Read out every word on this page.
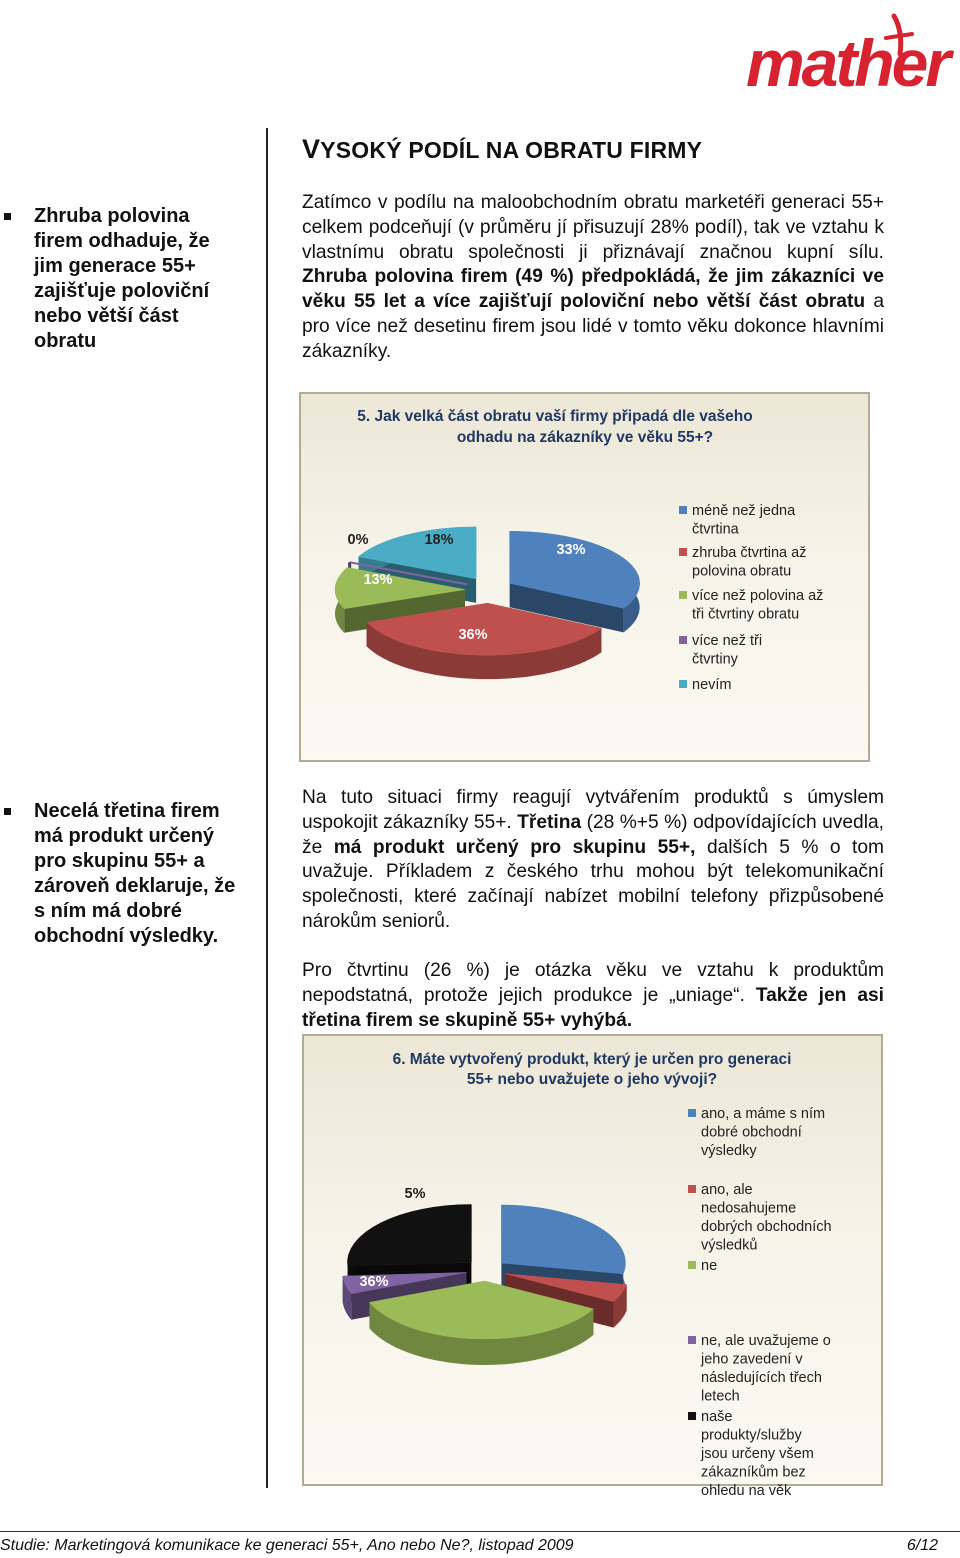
mather
VYSOKÝ PODÍL NA OBRATU FIRMY
Zhruba polovina firem odhaduje, že jim generace 55+ zajišťuje poloviční nebo větší část obratu
Necelá třetina firem má produkt určený pro skupinu 55+ a zároveň deklaruje, že s ním má dobré obchodní výsledky.
Zatímco v podílu na maloobchodním obratu marketéři generaci 55+ celkem podceňují (v průměru jí přisuzují 28% podíl), tak ve vztahu k vlastnímu obratu společnosti ji přiznávají značnou kupní sílu. Zhruba polovina firem (49 %) předpokládá, že jim zákazníci ve věku 55 let a více zajišťují poloviční nebo větší část obratu a pro více než desetinu firem jsou lidé v tomto věku dokonce hlavními zákazníky.
5. Jak velká část obratu vaší firmy připadá dle vašeho
odhadu na zákazníky ve věku 55+?
18%
33%
13%
36%
0%
méně než jedna čtvrtina
zhruba čtvrtina až polovina obratu
více než polovina až tři čtvrtiny obratu
více než tři čtvrtiny
nevím
Na tuto situaci firmy reagují vytvářením produktů s úmyslem uspokojit zákazníky 55+. Třetina (28 %+5 %) odpovídajících uvedla, že má produkt určený pro skupinu 55+, dalších 5 % o tom uvažuje. Příkladem z českého trhu mohou být telekomunikační společnosti, které začínají nabízet mobilní telefony přizpůsobené nárokům seniorů.
Pro čtvrtinu (26 %) je otázka věku ve vztahu k produktům nepodstatná, protože jejich produkce je „uniage“. Takže jen asi třetina firem se skupině 55+ vyhýbá.
6. Máte vytvořený produkt, který je určen pro generaci
55+ nebo uvažujete o jeho vývoji?
5%
36%
ano, a máme s ním dobré obchodní výsledky
ano, ale nedosahujeme dobrých obchodních výsledků
ne
ne, ale uvažujeme o jeho zavedení v následujících třech letech
naše produkty/služby jsou určeny všem zákazníkům bez ohledu na věk
Studie: Marketingová komunikace ke generaci 55+, Ano nebo Ne?, listopad 2009	6/12
